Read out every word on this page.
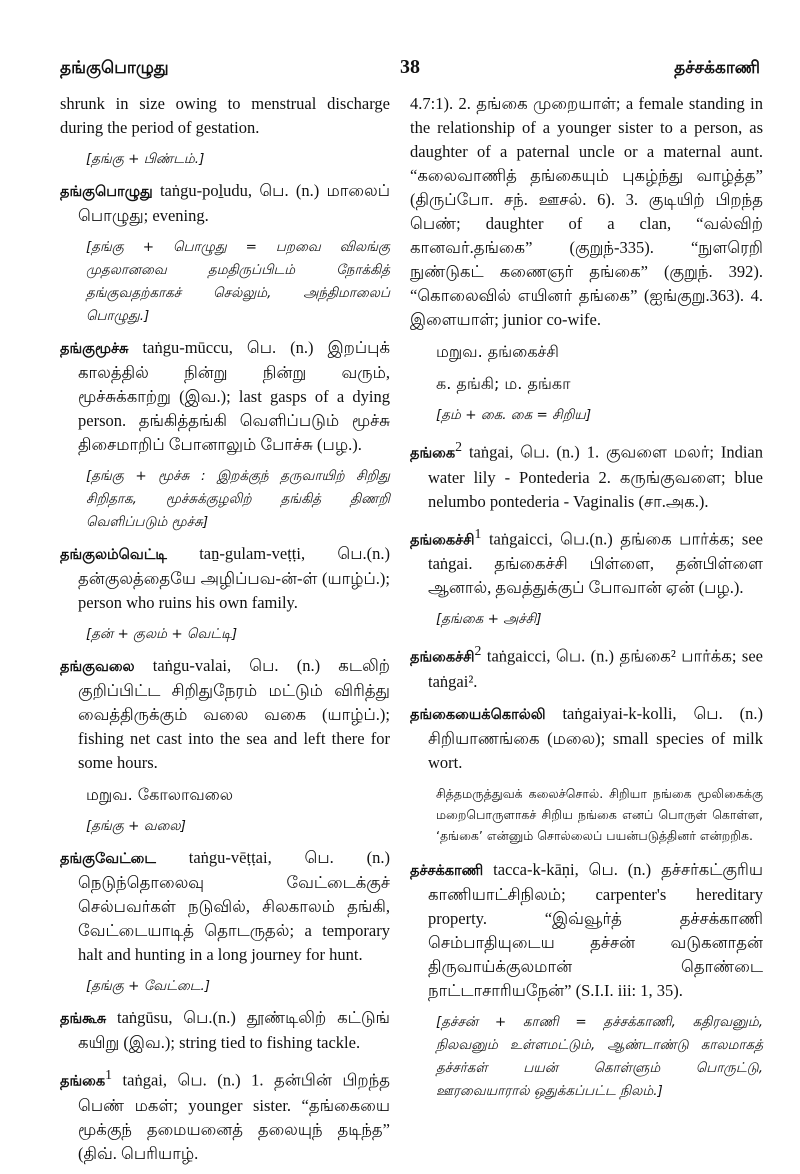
தங்குபொழுது	38	தச்சக்காணி

shrunk in size owing to menstrual discharge during the period of gestation.

[தங்கு + பிண்டம்.]

தங்குபொழுது taṅgu-poḻudu, பெ. (n.) மாலைப் பொழுது; evening.

[தங்கு + பொழுது = பறவை விலங்கு முதலானவை தமதிருப்பிடம் நோக்கித் தங்குவதற்காகச் செல்லும், அந்திமாலைப் பொழுது.]

தங்குமூச்சு taṅgu-mūccu, பெ. (n.) இறப்புக் காலத்தில் நின்று நின்று வரும், மூச்சுக்காற்று (இவ.); last gasps of a dying person. தங்கித்தங்கி வெளிப்படும் மூச்சு திசைமாறிப் போனாலும் போச்சு (பழ.).

[தங்கு + மூச்சு : இறக்குந் தருவாயிற் சிறிது சிறிதாக, மூச்சுக்குழலிற் தங்கித் திணறி வெளிப்படும் மூச்சு]

தங்குலம்வெட்டி taṉ-gulam-veṭṭi, பெ.(n.) தன்குலத்தையே அழிப்பவ-ன்-ள் (யாழ்ப்.); person who ruins his own family.

[தன் + குலம் + வெட்டி]

தங்குவலை taṅgu-valai, பெ. (n.) கடலிற் குறிப்பிட்ட சிறிதுநேரம் மட்டும் விரித்து வைத்திருக்கும் வலை வகை (யாழ்ப்.); fishing net cast into the sea and left there for some hours.

மறுவ. கோலாவலை

[தங்கு + வலை]

தங்குவேட்டை taṅgu-vēṭṭai, பெ. (n.) நெடுந்தொலைவு வேட்டைக்குச் செல்பவர்கள் நடுவில், சிலகாலம் தங்கி, வேட்டையாடித் தொடருதல்; a temporary halt and hunting in a long journey for hunt.

[தங்கு + வேட்டை.]

தங்கூசு taṅgūsu, பெ.(n.) தூண்டிலிற் கட்டுங் கயிறு (இவ.); string tied to fishing tackle.

தங்கை$^1$ taṅgai, பெ. (n.) 1. தன்பின் பிறந்த பெண் மகள்; younger sister. “தங்கையை மூக்குந் தமையனைத் தலையுந் தடிந்த” (திவ். பெரியாழ்.

4.7:1). 2. தங்கை முறையாள்; a female standing in the relationship of a younger sister to a person, as daughter of a paternal uncle or a maternal aunt. “கலைவாணித் தங்கையும் புகழ்ந்து வாழ்த்த” (திருப்போ. சந். ஊசல். 6). 3. குடியிற் பிறந்த பெண்; daughter of a clan, “வல்விற் கானவர்.தங்கை” (குறுந்-335). “நுளரெறி நுண்டுகட் கணைஞர் தங்கை” (குறுந். 392). “கொலைவில் எயினர் தங்கை” (ஐங்குறு.363). 4. இளையாள்; junior co-wife.

மறுவ. தங்கைச்சி

க. தங்கி; ம. தங்கா

[தம் + கை. கை = சிறிய]

தங்கை$^2$ taṅgai, பெ. (n.) 1. குவளை மலர்; Indian water lily - Pontederia 2. கருங்குவளை; blue nelumbo pontederia - Vaginalis (சா.அக.).

தங்கைச்சி$^1$ taṅgaicci, பெ.(n.) தங்கை பார்க்க; see taṅgai. தங்கைச்சி பிள்ளை, தன்பிள்ளை ஆனால், தவத்துக்குப் போவான் ஏன் (பழ.).

[தங்கை + அச்சி]

தங்கைச்சி$^2$ taṅgaicci, பெ. (n.) தங்கை² பார்க்க; see taṅgai².

தங்கையைக்கொல்லி taṅgaiyai-k-kolli, பெ. (n.) சிறியாணங்கை (மலை); small species of milk wort.

சித்தமருத்துவக் கலைச்சொல். சிறியா நங்கை மூலிகைக்கு மறைபொருளாகச் சிறிய நங்கை எனப் பொருள் கொள்ள, ‘தங்கை’ என்னும் சொல்லைப் பயன்படுத்தினர் என்றறிக.

தச்சக்காணி tacca-k-kāṇi, பெ. (n.) தச்சர்கட்குரிய காணியாட்சிநிலம்; carpenter's hereditary property. “இவ்வூர்த் தச்சக்காணி செம்பாதியுடைய தச்சன் வடுகனாதன் திருவாய்க்குலமான் தொண்டை நாட்டாசாரியநேன்” (S.I.I. iii: 1, 35).

[தச்சன் + காணி = தச்சக்காணி, கதிரவனும், நிலவனும் உள்ளமட்டும், ஆண்டாண்டு காலமாகத் தச்சர்கள் பயன் கொள்ளும் பொருட்டு, ஊரவையாரால் ஒதுக்கப்பட்ட நிலம்.]
